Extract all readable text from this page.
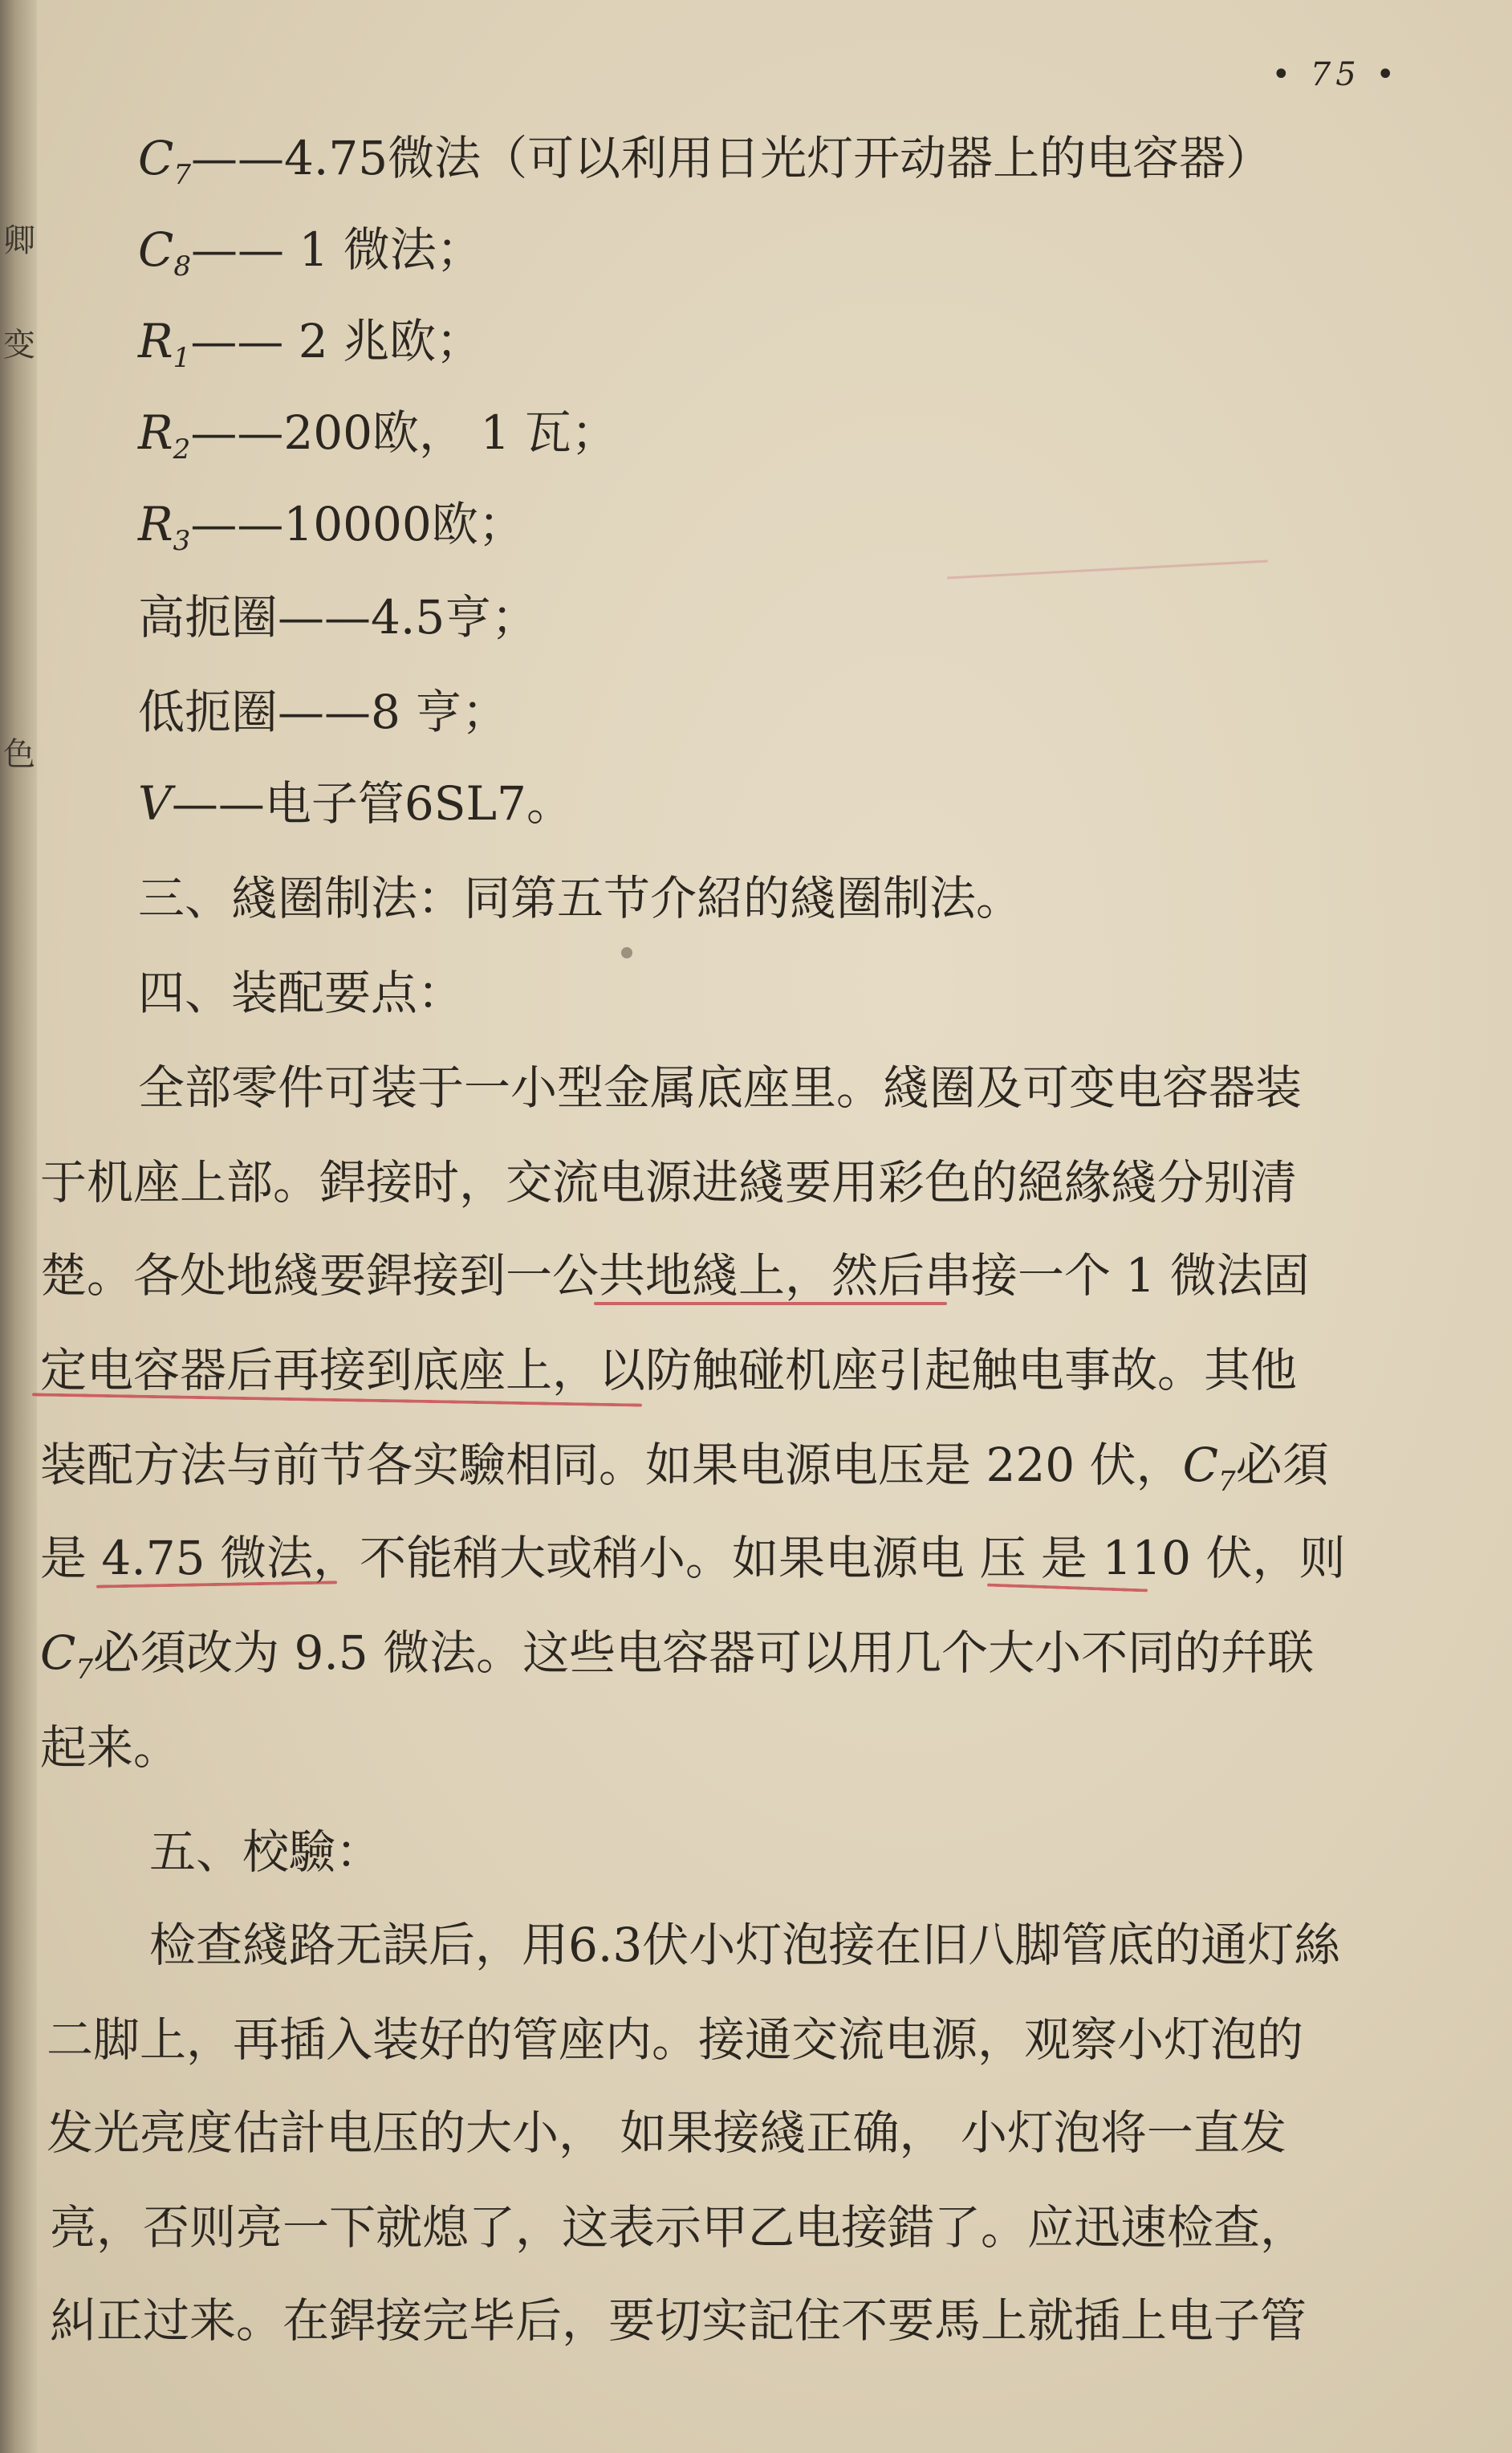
卿
变
色
• 75 •
$C_7——4.75$微法（可以利用日光灯开动器上的电容器）
$C_8——$ 1 微法；
$R_1——$ 2 兆欧；
$R_2——200$欧， 1 瓦；
$R_3——10000$欧；
高扼圈——4.5亨；
低扼圈——8 亨；
V——电子管6SL7。
三、綫圈制法：同第五节介紹的綫圈制法。
四、装配要点：
全部零件可装于一小型金属底座里。綫圈及可变电容器装
于机座上部。銲接时，交流电源进綫要用彩色的絕緣綫分别清
楚。各处地綫要銲接到一公共地綫上，然后串接一个 1 微法固
定电容器后再接到底座上，以防触碰机座引起触电事故。其他
装配方法与前节各实驗相同。如果电源电压是 220 伏，$C_7$必須
是 4.75 微法，不能稍大或稍小。如果电源电 压 是 110 伏，则
$C_7$必須改为 9.5 微法。这些电容器可以用几个大小不同的幷联
起来。
五、校驗：
检查綫路无誤后，用6.3伏小灯泡接在旧八脚管底的通灯絲
二脚上，再插入装好的管座内。接通交流电源，观察小灯泡的
发光亮度估計电压的大小， 如果接綫正确， 小灯泡将一直发
亮，否则亮一下就熄了，这表示甲乙电接錯了。应迅速检查，
糾正过来。在銲接完毕后，要切实記住不要馬上就插上电子管
